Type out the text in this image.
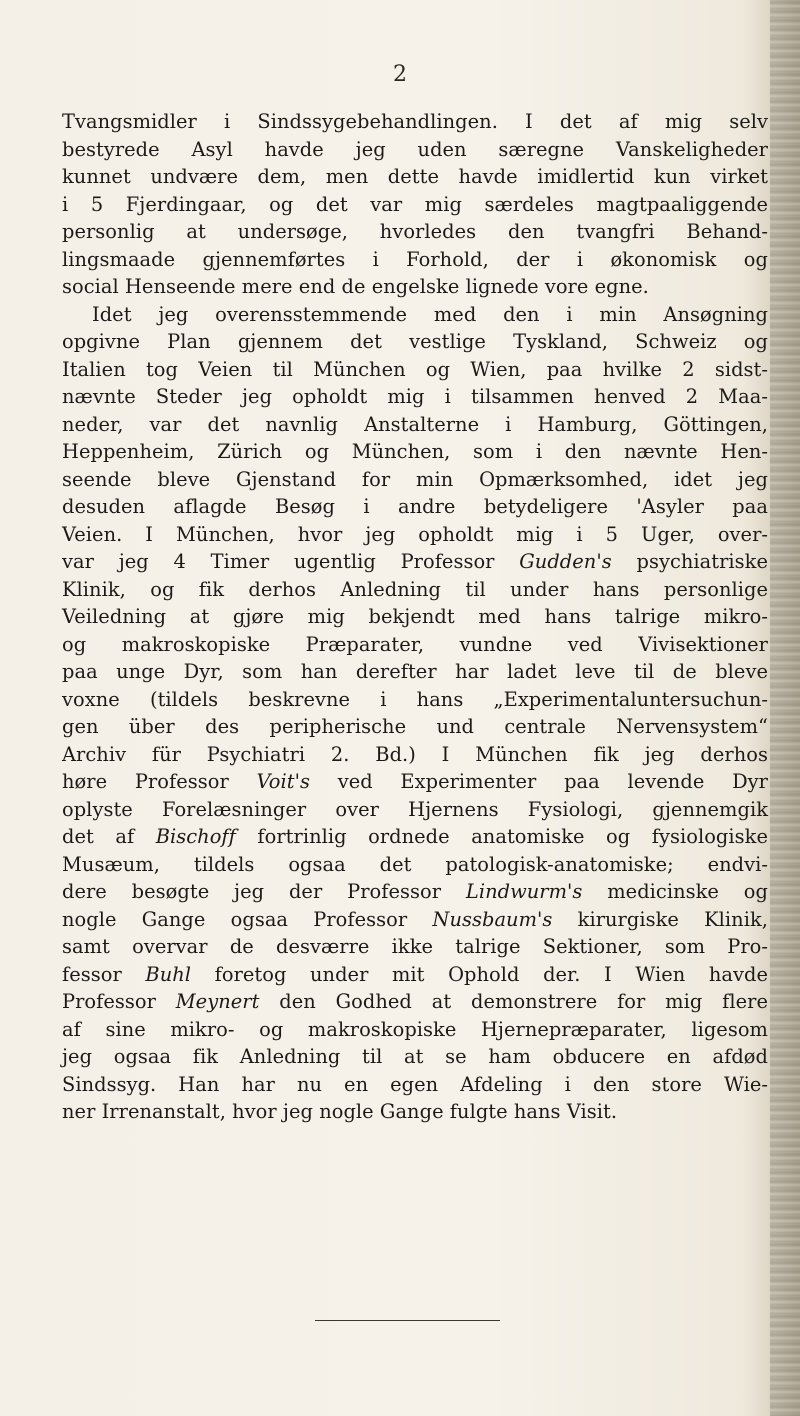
2
Tvangsmidler i Sindssygebehandlingen. I det af mig selv
bestyrede Asyl havde jeg uden særegne Vanskeligheder
kunnet undvære dem, men dette havde imidlertid kun virket
i 5 Fjerdingaar, og det var mig særdeles magtpaaliggende
personlig at undersøge, hvorledes den tvangfri Behand-
lingsmaade gjennemførtes i Forhold, der i økonomisk og
social Henseende mere end de engelske lignede vore egne.
Idet jeg overensstemmende med den i min Ansøgning
opgivne Plan gjennem det vestlige Tyskland, Schweiz og
Italien tog Veien til München og Wien, paa hvilke 2 sidst-
nævnte Steder jeg opholdt mig i tilsammen henved 2 Maa-
neder, var det navnlig Anstalterne i Hamburg, Göttingen,
Heppenheim, Zürich og München, som i den nævnte Hen-
seende bleve Gjenstand for min Opmærksomhed, idet jeg
desuden aflagde Besøg i andre betydeligere 'Asyler paa
Veien. I München, hvor jeg opholdt mig i 5 Uger, over-
var jeg 4 Timer ugentlig Professor Gudden's psychiatriske
Klinik, og fik derhos Anledning til under hans personlige
Veiledning at gjøre mig bekjendt med hans talrige mikro-
og makroskopiske Præparater, vundne ved Vivisektioner
paa unge Dyr, som han derefter har ladet leve til de bleve
voxne (tildels beskrevne i hans „Experimentaluntersuchun-
gen über des peripherische und centrale Nervensystem“
Archiv für Psychiatri 2. Bd.) I München fik jeg derhos
høre Professor Voit's ved Experimenter paa levende Dyr
oplyste Forelæsninger over Hjernens Fysiologi, gjennemgik
det af Bischoff fortrinlig ordnede anatomiske og fysiologiske
Musæum, tildels ogsaa det patologisk-anatomiske; endvi-
dere besøgte jeg der Professor Lindwurm's medicinske og
nogle Gange ogsaa Professor Nussbaum's kirurgiske Klinik,
samt overvar de desværre ikke talrige Sektioner, som Pro-
fessor Buhl foretog under mit Ophold der. I Wien havde
Professor Meynert den Godhed at demonstrere for mig flere
af sine mikro- og makroskopiske Hjernepræparater, ligesom
jeg ogsaa fik Anledning til at se ham obducere en afdød
Sindssyg. Han har nu en egen Afdeling i den store Wie-
ner Irrenanstalt, hvor jeg nogle Gange fulgte hans Visit.
